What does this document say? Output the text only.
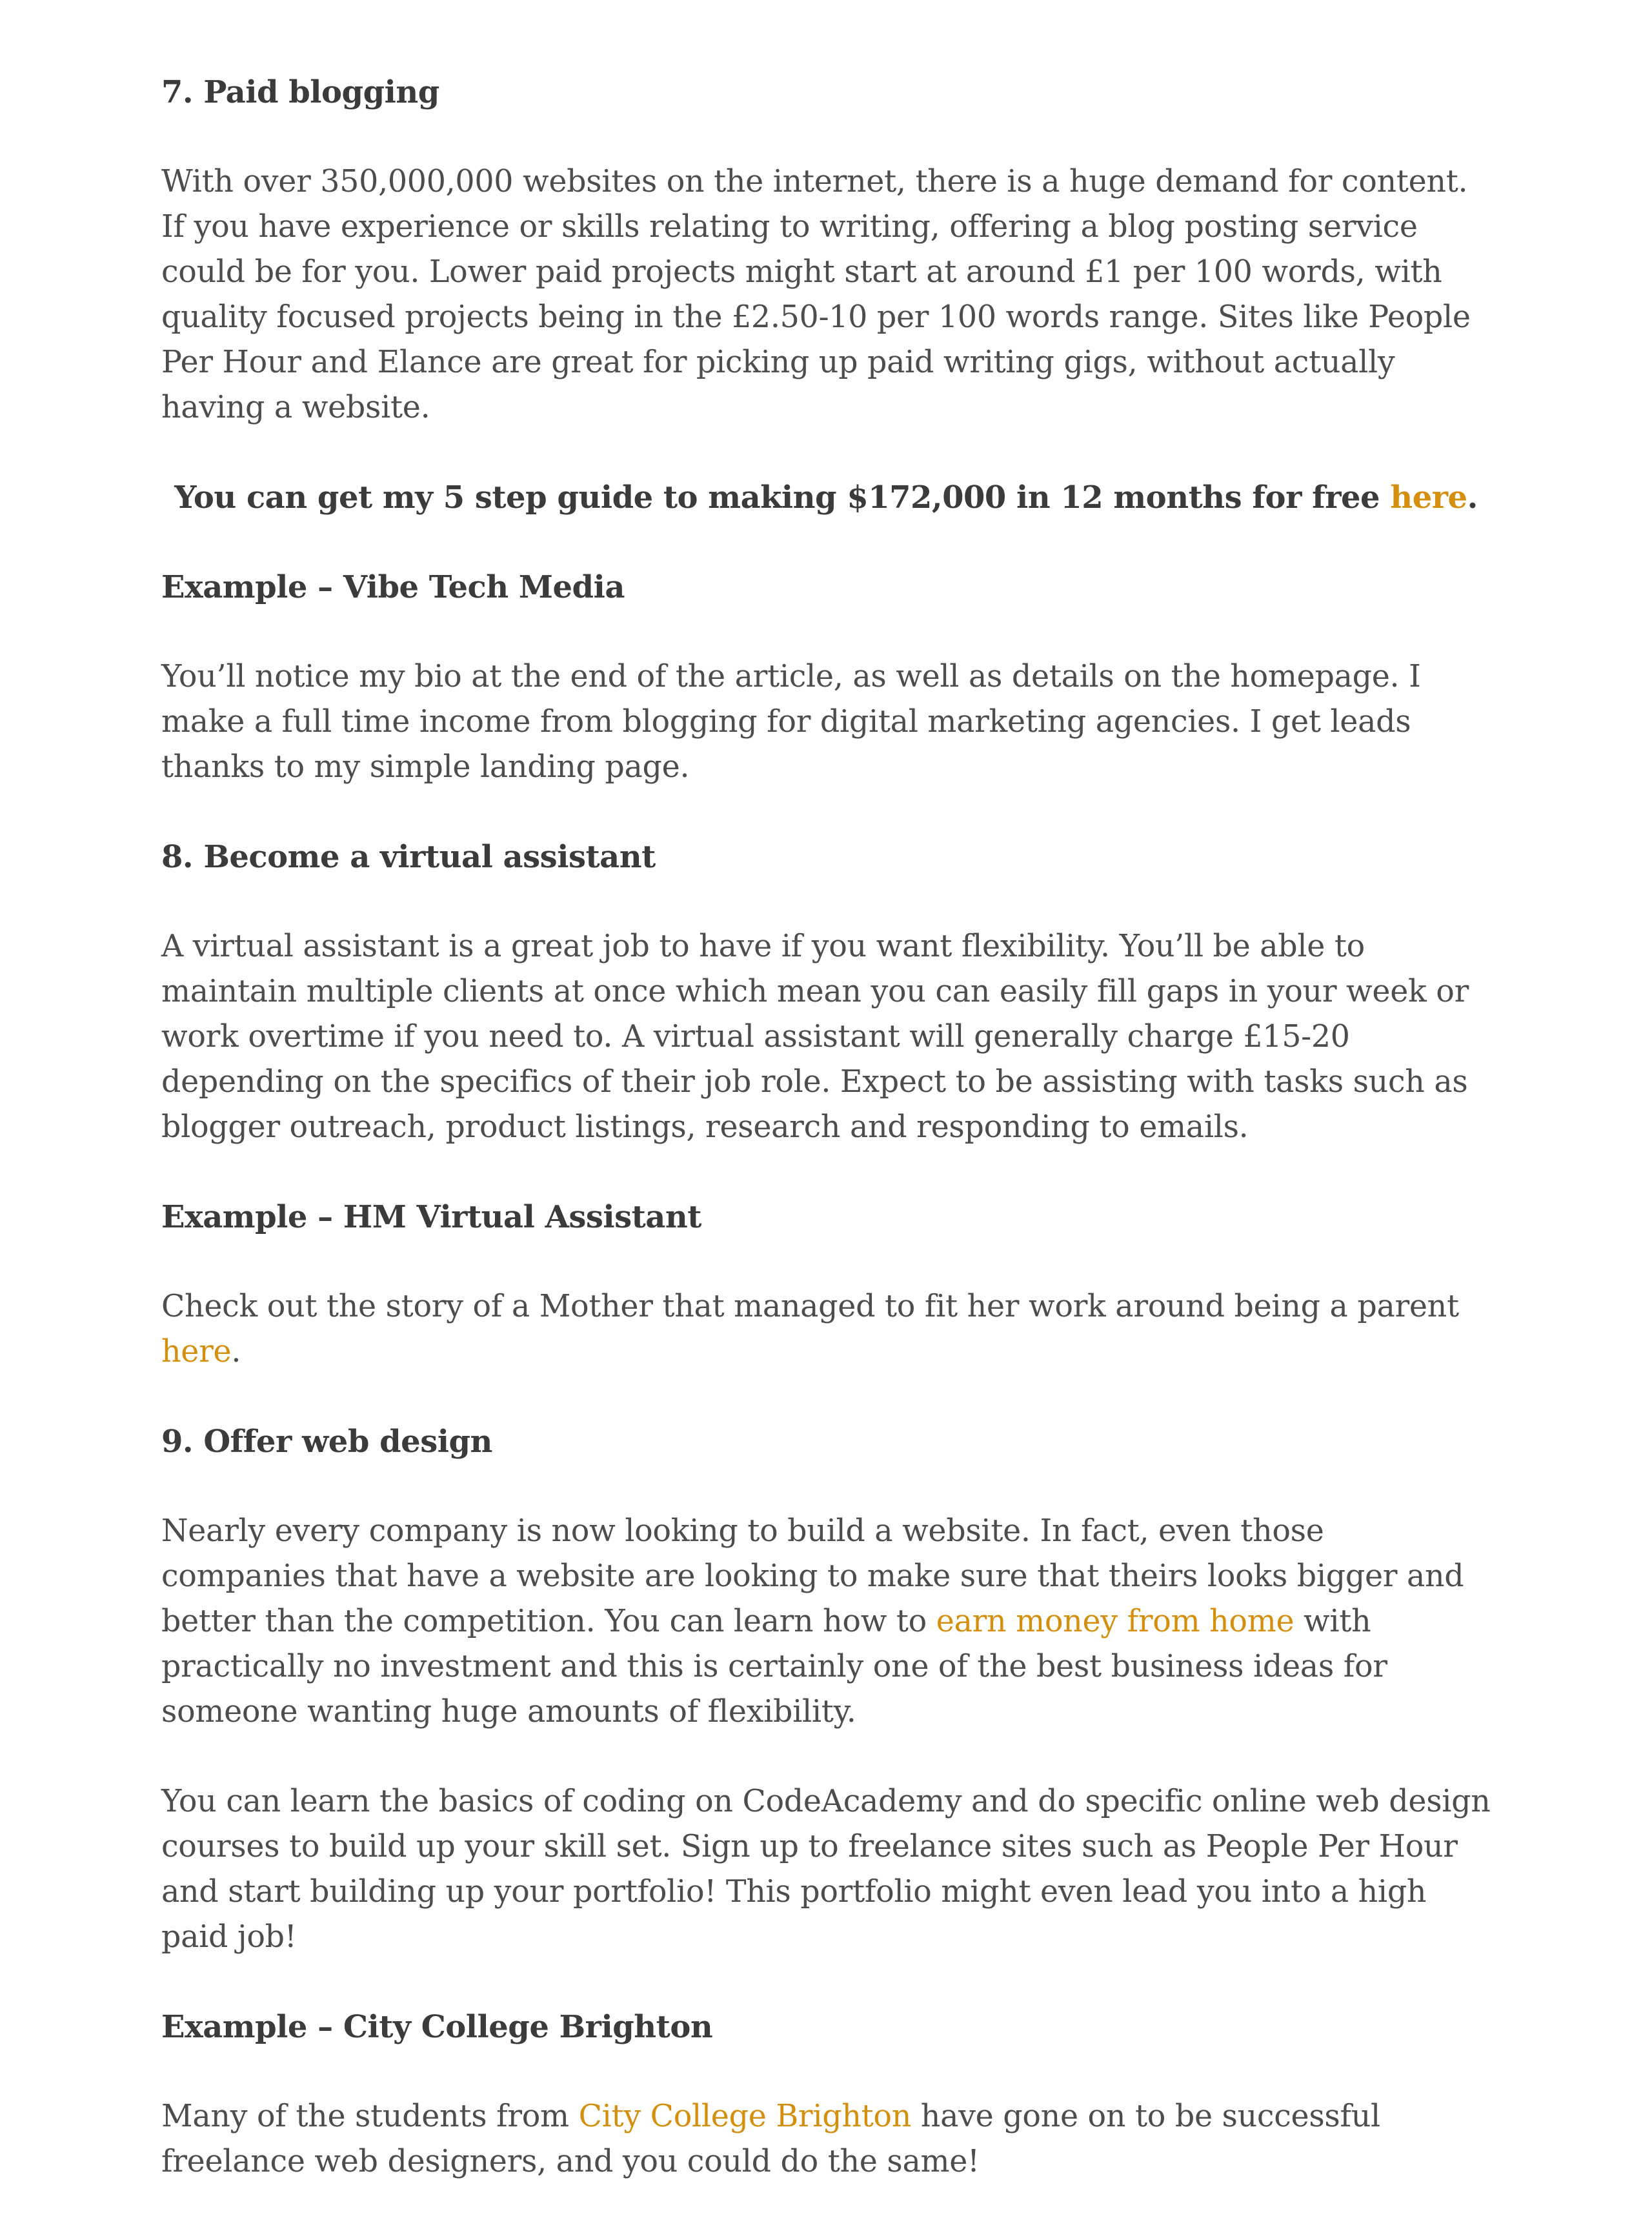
7. Paid blogging

With over 350,000,000 websites on the internet, there is a huge demand for content. If you have experience or skills relating to writing, offering a blog posting service could be for you. Lower paid projects might start at around £1 per 100 words, with quality focused projects being in the £2.50-10 per 100 words range. Sites like People Per Hour and Elance are great for picking up paid writing gigs, without actually having a website.

You can get my 5 step guide to making $172,000 in 12 months for free here.

Example – Vibe Tech Media

You’ll notice my bio at the end of the article, as well as details on the homepage. I make a full time income from blogging for digital marketing agencies. I get leads thanks to my simple landing page.

8. Become a virtual assistant

A virtual assistant is a great job to have if you want flexibility. You’ll be able to maintain multiple clients at once which mean you can easily fill gaps in your week or work overtime if you need to. A virtual assistant will generally charge £15-20 depending on the specifics of their job role. Expect to be assisting with tasks such as blogger outreach, product listings, research and responding to emails.

Example – HM Virtual Assistant

Check out the story of a Mother that managed to fit her work around being a parent here.

9. Offer web design

Nearly every company is now looking to build a website. In fact, even those companies that have a website are looking to make sure that theirs looks bigger and better than the competition. You can learn how to earn money from home with practically no investment and this is certainly one of the best business ideas for someone wanting huge amounts of flexibility.

You can learn the basics of coding on CodeAcademy and do specific online web design courses to build up your skill set. Sign up to freelance sites such as People Per Hour and start building up your portfolio! This portfolio might even lead you into a high paid job!

Example – City College Brighton

Many of the students from City College Brighton have gone on to be successful freelance web designers, and you could do the same!
